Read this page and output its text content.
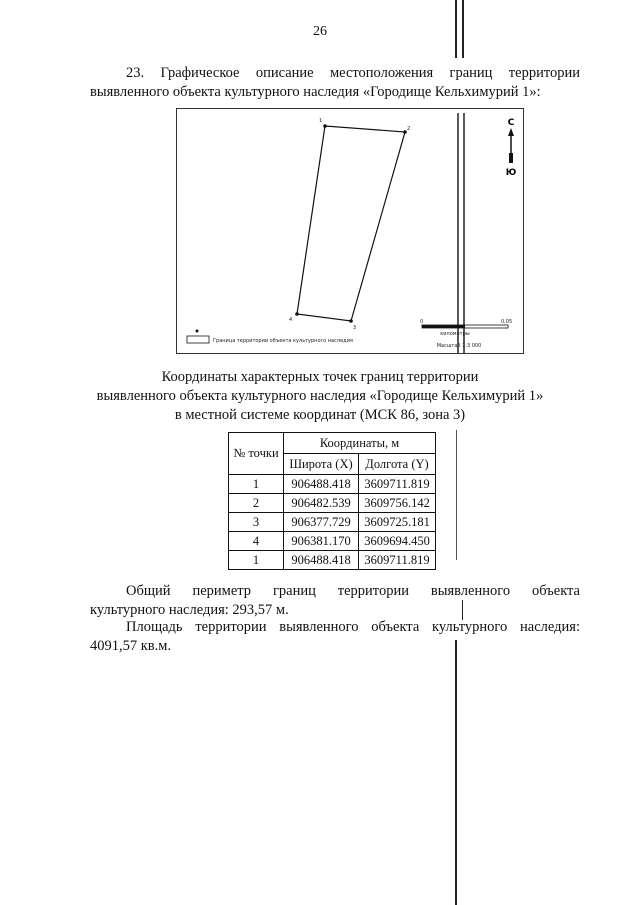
26
23. Графическое описание местоположения границ территории
выявленного объекта культурного наследия «Городище Кельхимурий 1»:
1
2
3
4
С
Ю
Граница территории объекта культурного наследия
0	0,05
километры
Масштаб 1:3 000
Координаты характерных точек границ территории
выявленного объекта культурного наследия «Городище Кельхимурий 1»
в местной системе координат (МСК 86, зона 3)
№ точки	Координаты, м	
	Широта (X)	Долгота (Y)
1	906488.418	3609711.819
2	906482.539	3609756.142
3	906377.729	3609725.181
4	906381.170	3609694.450
1	906488.418	3609711.819
Общий периметр границ территории выявленного объекта
культурного наследия: 293,57 м.
Площадь территории выявленного объекта культурного наследия:
4091,57 кв.м.
